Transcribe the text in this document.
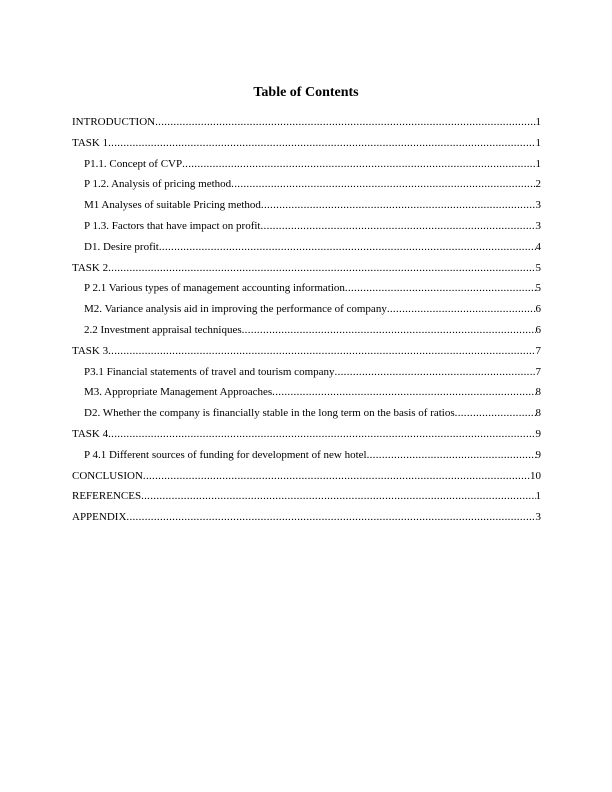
Table of Contents
INTRODUCTION .....	1
TASK 1 .....	1
P1.1. Concept of CVP .....	1
P 1.2. Analysis of pricing method .....	2
M1 Analyses of suitable Pricing method .....	3
P 1.3. Factors that have impact on profit .....	3
D1. Desire profit .....	4
TASK 2 .....	5
P 2.1 Various types of management accounting information .....	5
M2. Variance analysis aid in improving the performance of company .....	6
2.2 Investment appraisal techniques .....	6
TASK 3 .....	7
P3.1 Financial statements of travel and tourism company .....	7
M3. Appropriate Management Approaches .....	8
D2. Whether the company is financially stable in the long term on the basis of ratios .....	8
TASK 4 .....	9
P 4.1 Different sources of funding for development of new hotel .....	9
CONCLUSION .....	10
REFERENCES .....	1
APPENDIX .....	3
